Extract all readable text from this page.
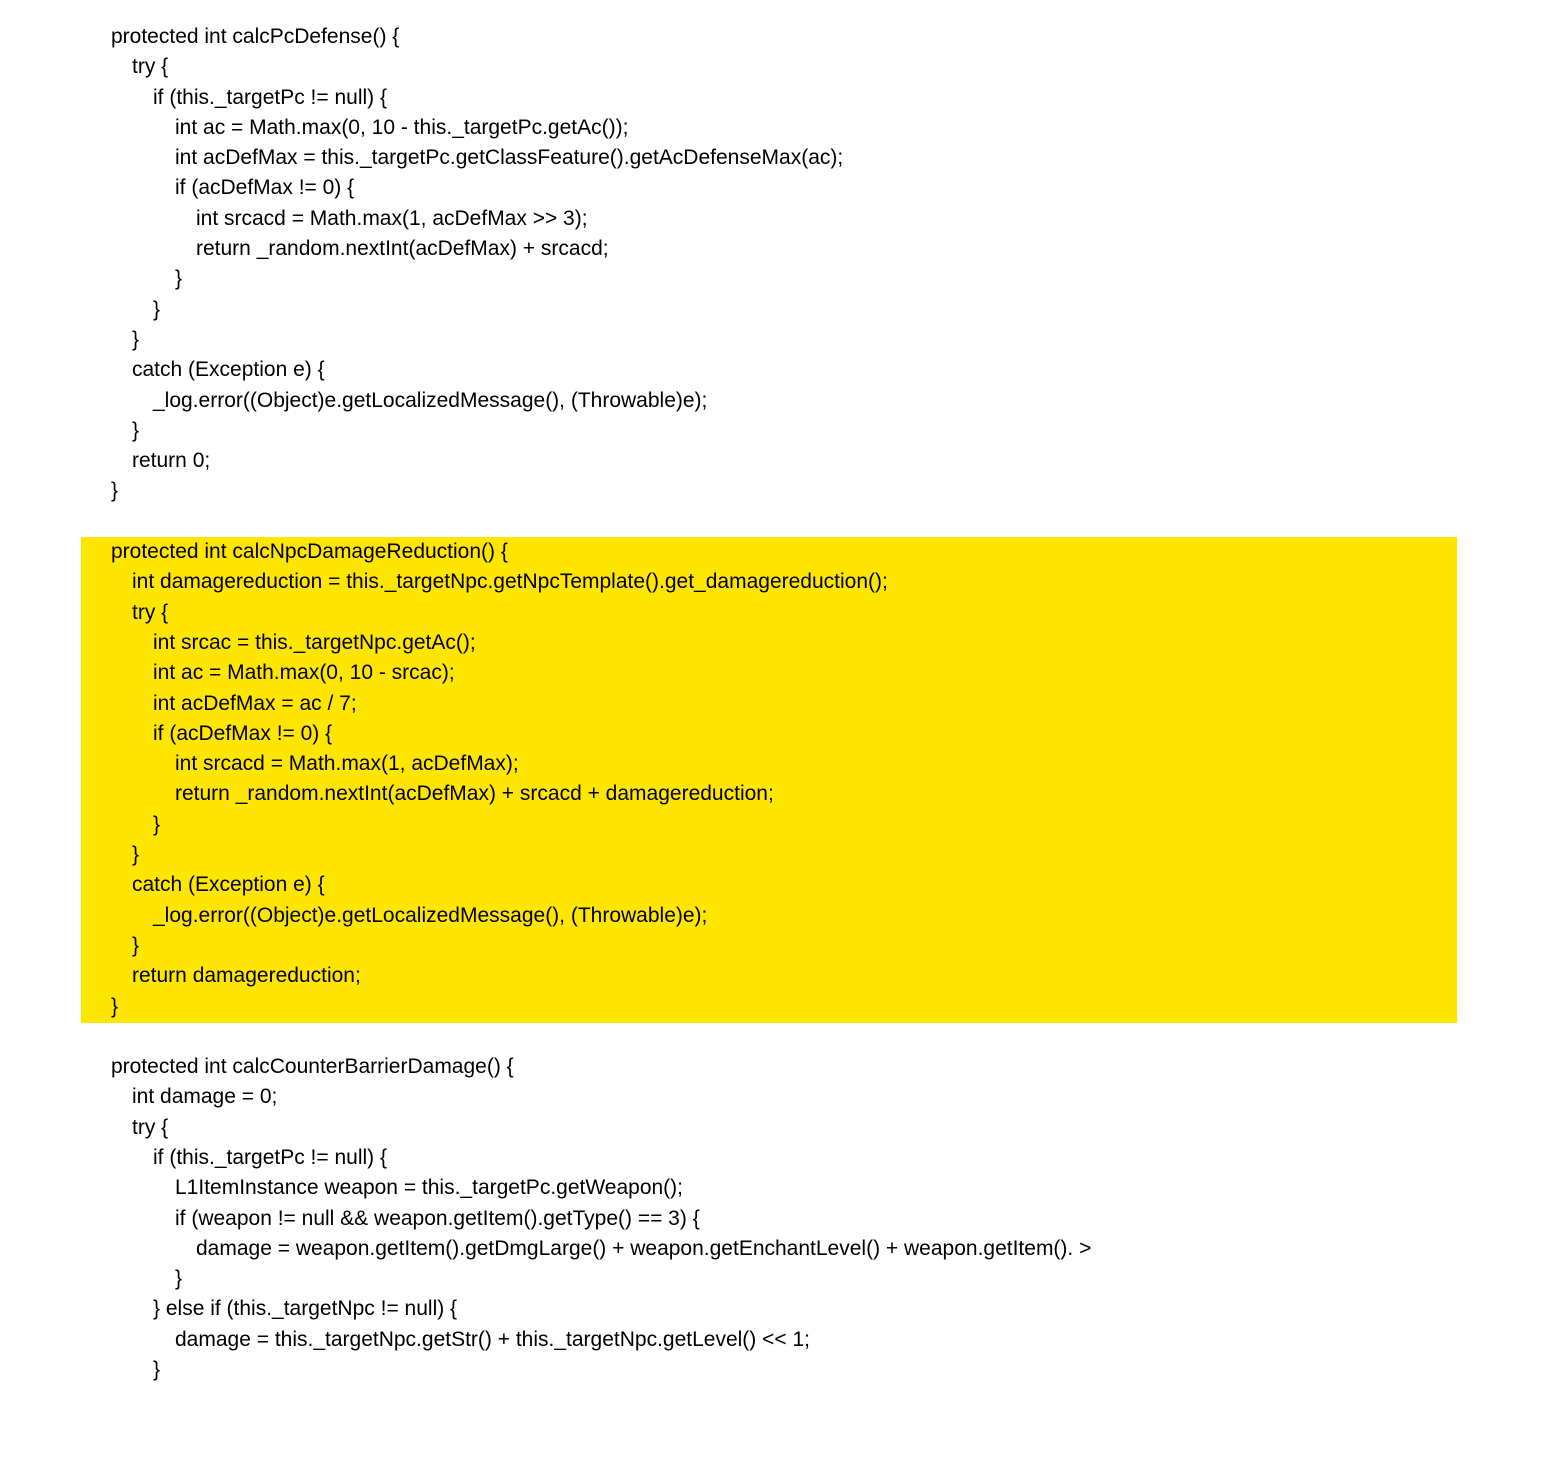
protected int calcPcDefense() {
try {
if (this._targetPc != null) {
int ac = Math.max(0, 10 - this._targetPc.getAc());
int acDefMax = this._targetPc.getClassFeature().getAcDefenseMax(ac);
if (acDefMax != 0) {
int srcacd = Math.max(1, acDefMax >> 3);
return _random.nextInt(acDefMax) + srcacd;
}
}
}
catch (Exception e) {
_log.error((Object)e.getLocalizedMessage(), (Throwable)e);
}
return 0;
}
protected int calcNpcDamageReduction() {
int damagereduction = this._targetNpc.getNpcTemplate().get_damagereduction();
try {
int srcac = this._targetNpc.getAc();
int ac = Math.max(0, 10 - srcac);
int acDefMax = ac / 7;
if (acDefMax != 0) {
int srcacd = Math.max(1, acDefMax);
return _random.nextInt(acDefMax) + srcacd + damagereduction;
}
}
catch (Exception e) {
_log.error((Object)e.getLocalizedMessage(), (Throwable)e);
}
return damagereduction;
}
protected int calcCounterBarrierDamage() {
int damage = 0;
try {
if (this._targetPc != null) {
L1ItemInstance weapon = this._targetPc.getWeapon();
if (weapon != null && weapon.getItem().getType() == 3) {
damage = weapon.getItem().getDmgLarge() + weapon.getEnchantLevel() + weapon.getItem(). >
}
} else if (this._targetNpc != null) {
damage = this._targetNpc.getStr() + this._targetNpc.getLevel() << 1;
}
